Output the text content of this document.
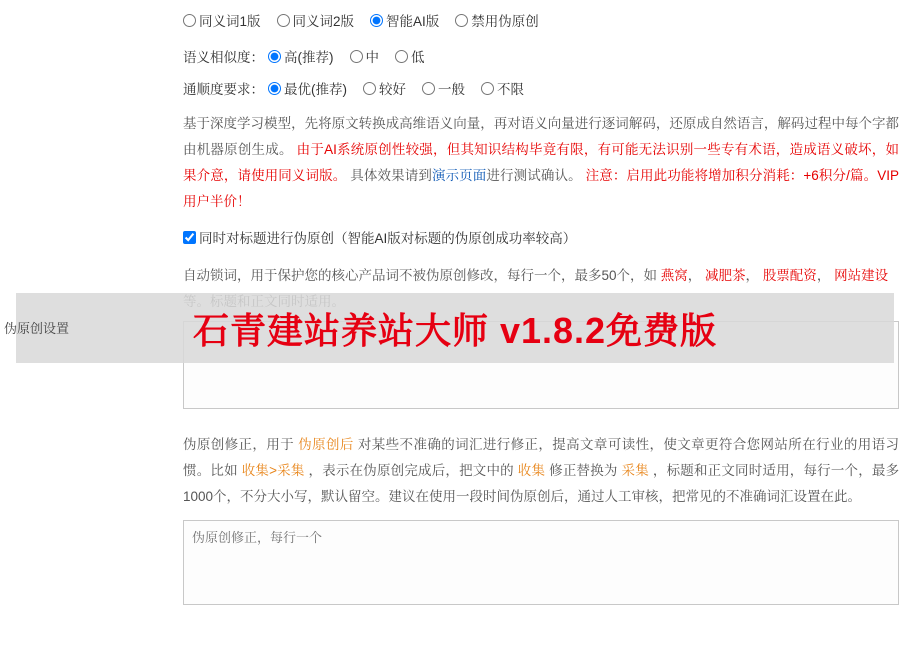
同义词1版 同义词2版 智能AI版 禁用伪原创
语义相似度： 高(推荐) 中 低
通顺度要求： 最优(推荐) 较好 一般 不限
基于深度学习模型，先将原文转换成高维语义向量，再对语义向量进行逐词解码，还原成自然语言，解码过程中每个字都由机器原创生成。 由于AI系统原创性较强，但其知识结构毕竟有限，有可能无法识别一些专有术语，造成语义破坏，如果介意，请使用同义词版。 具体效果请到演示页面进行测试确认。 注意：启用此功能将增加积分消耗：+6积分/篇。VIP用户半价！
同时对标题进行伪原创（智能AI版对标题的伪原创成功率较高）
自动锁词，用于保护您的核心产品词不被伪原创修改，每行一个，最多50个，如 燕窝， 减肥茶， 股票配资， 网站建设
伪原创修正，用于 伪原创后 对某些不准确的词汇进行修正，提高文章可读性，使文章更符合您网站所在行业的用语习惯。比如 收集>采集 ，表示在伪原创完成后，把文中的 收集 修正替换为 采集 ，标题和正文同时适用，每行一个，最多1000个，不分大小写，默认留空。建议在使用一段时间伪原创后，通过人工审核，把常见的不准确词汇设置在此。
伪原创修正，每行一个
石青建站养站大师 v1.8.2免费版
伪原创设置
